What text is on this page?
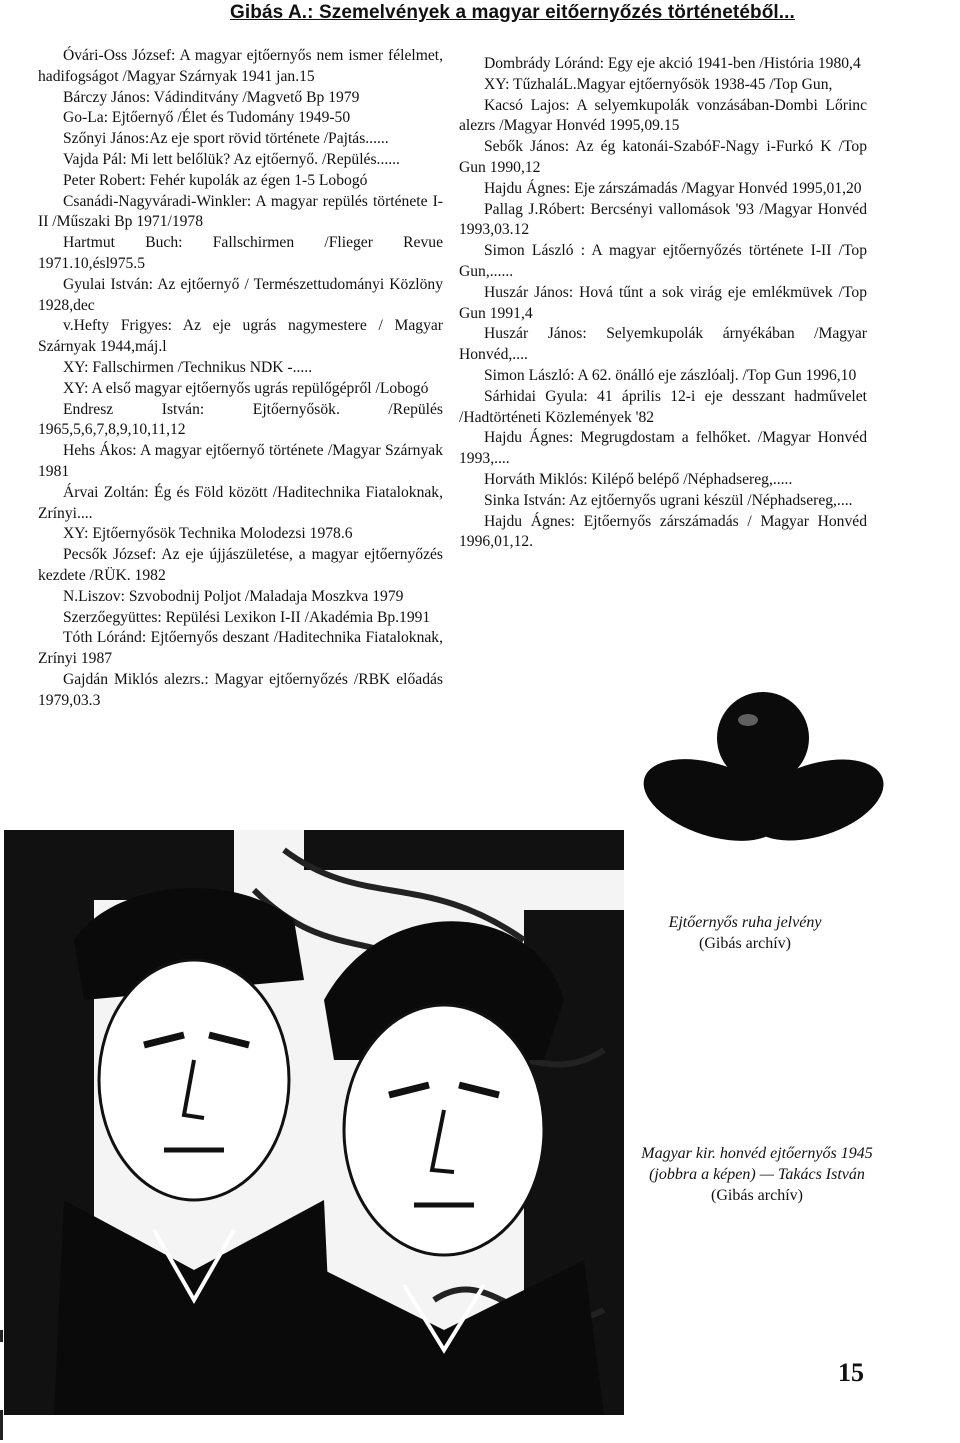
Gibás A.: Szemelvények a magyar eitőernyőzés történetéből...

Óvári-Oss József: A magyar ejtőernyős nem ismer félelmet, hadifogságot /Magyar Szárnyak 1941 jan.15

Bárczy János: Vádinditvány /Magvető Bp 1979

Go-La: Ejtőernyő /Élet és Tudomány 1949-50

Szőnyi János:Az eje sport rövid története /Pajtás......

Vajda Pál: Mi lett belőlük? Az ejtőernyő. /Repülés......

Peter Robert: Fehér kupolák az égen 1-5 Lobogó

Csanádi-Nagyváradi-Winkler: A magyar repülés története I-II /Műszaki Bp 1971/1978

Hartmut Buch: Fallschirmen /Flieger Revue 1971.10,ésl975.5

Gyulai István: Az ejtőernyő / Természettudományi Közlöny 1928,dec

v.Hefty Frigyes: Az eje ugrás nagymestere / Magyar Szárnyak 1944,máj.l

XY: Fallschirmen /Technikus NDK -.....

XY: A első magyar ejtőernyős ugrás repülőgépről /Lobogó

Endresz István: Ejtőernyősök. /Repülés 1965,5,6,7,8,9,10,11,12

Hehs Ákos: A magyar ejtőernyő története /Magyar Szárnyak 1981

Árvai Zoltán: Ég és Föld között /Haditechnika Fiataloknak, Zrínyi....

XY: Ejtőernyősök Technika Molodezsi 1978.6

Pecsők József: Az eje újjászületése, a magyar ejtőernyőzés kezdete /RÜK. 1982

N.Liszov: Szvobodnij Poljot /Maladaja Moszkva 1979

Szerzőegyüttes: Repülési Lexikon I-II /Akadémia Bp.1991

Tóth Lóránd: Ejtőernyős deszant /Haditechnika Fiataloknak, Zrínyi 1987

Gajdán Miklós alezrs.: Magyar ejtőernyőzés /RBK előadás 1979,03.3

Dombrády Lóránd: Egy eje akció 1941-ben /História 1980,4

XY: TűzhaláL.Magyar ejtőernyősök 1938-45 /Top Gun,

Kacsó Lajos: A selyemkupolák vonzásában-Dombi Lőrinc alezrs /Magyar Honvéd 1995,09.15

Sebők János: Az ég katonái-SzabóF-Nagy i-Furkó K /Top Gun 1990,12

Hajdu Ágnes: Eje zárszámadás /Magyar Honvéd 1995,01,20

Pallag J.Róbert: Bercsényi vallomások '93 /Magyar Honvéd 1993,03.12

Simon László : A magyar ejtőernyőzés története I-II /Top Gun,......

Huszár János: Hová tűnt a sok virág eje emlékmüvek /Top Gun 1991,4

Huszár János: Selyemkupolák árnyékában /Magyar Honvéd,....

Simon László: A 62. önálló eje zászlóalj. /Top Gun 1996,10

Sárhidai Gyula: 41 április 12-i eje desszant hadművelet /Hadtörténeti Közlemények '82

Hajdu Ágnes: Megrugdostam a felhőket. /Magyar Honvéd 1993,....

Horváth Miklós: Kilépő belépő /Néphadsereg,.....

Sinka István: Az ejtőernyős ugrani készül /Néphadsereg,....

Hajdu Ágnes: Ejtőernyős zárszámadás / Magyar Honvéd 1996,01,12.

Ejtőernyős ruha jelvény
(Gibás archív)
Magyar kir. honvéd ejtőernyős 1945 (jobbra a képen) — Takács István
(Gibás archív)
15
